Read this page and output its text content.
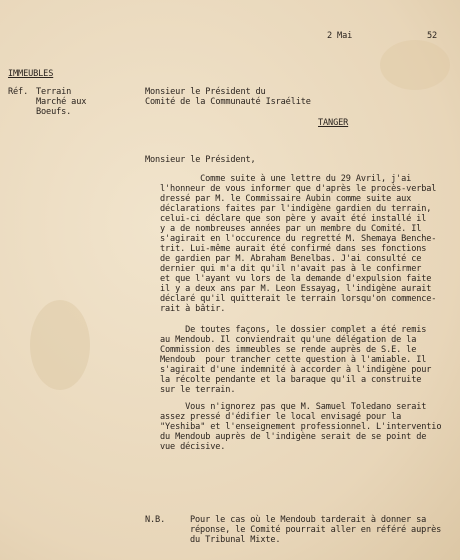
2 Mai	52
IMMEUBLES
Réf. Terrain
Marché aux
Boeufs.
Monsieur le Président du
Comité de la Communauté Israélite
TANGER
Monsieur le Président,
Comme suite à une lettre du 29 Avril, j'ai
l'honneur de vous informer que d'après le procès-verbal
dressé par M. le Commissaire Aubin comme suite aux
déclarations faites par l'indigène gardien du terrain,
celui-ci déclare que son père y avait été installé il
y a de nombreuses années par un membre du Comité. Il
s'agirait en l'occurence du regretté M. Shemaya Benche-
trit. Lui-même aurait été confirmé dans ses fonctions
de gardien par M. Abraham Benelbas. J'ai consulté ce
dernier qui m'a dit qu'il n'avait pas à le confirmer
et que l'ayant vu lors de la demande d'expulsion faite
il y a deux ans par M. Leon Essayag, l'indigène aurait
déclaré qu'il quitterait le terrain lorsqu'on commence-
rait à bâtir.
De toutes façons, le dossier complet a été remis
au Mendoub. Il conviendrait qu'une délégation de la
Commission des immeubles se rende auprès de S.E. le
Mendoub  pour trancher cette question à l'amiable. Il
s'agirait d'une indemnité à accorder à l'indigène pour
la récolte pendante et la baraque qu'il a construite
sur le terrain.
Vous n'ignorez pas que M. Samuel Toledano serait
assez pressé d'édifier le local envisagé pour la
"Yeshiba" et l'enseignement professionnel. L'interventio
du Mendoub auprès de l'indigène serait de se point de
vue décisive.
N.B.	Pour le cas où le Mendoub tarderait à donner sa
réponse, le Comité pourrait aller en référé auprès
du Tribunal Mixte.
